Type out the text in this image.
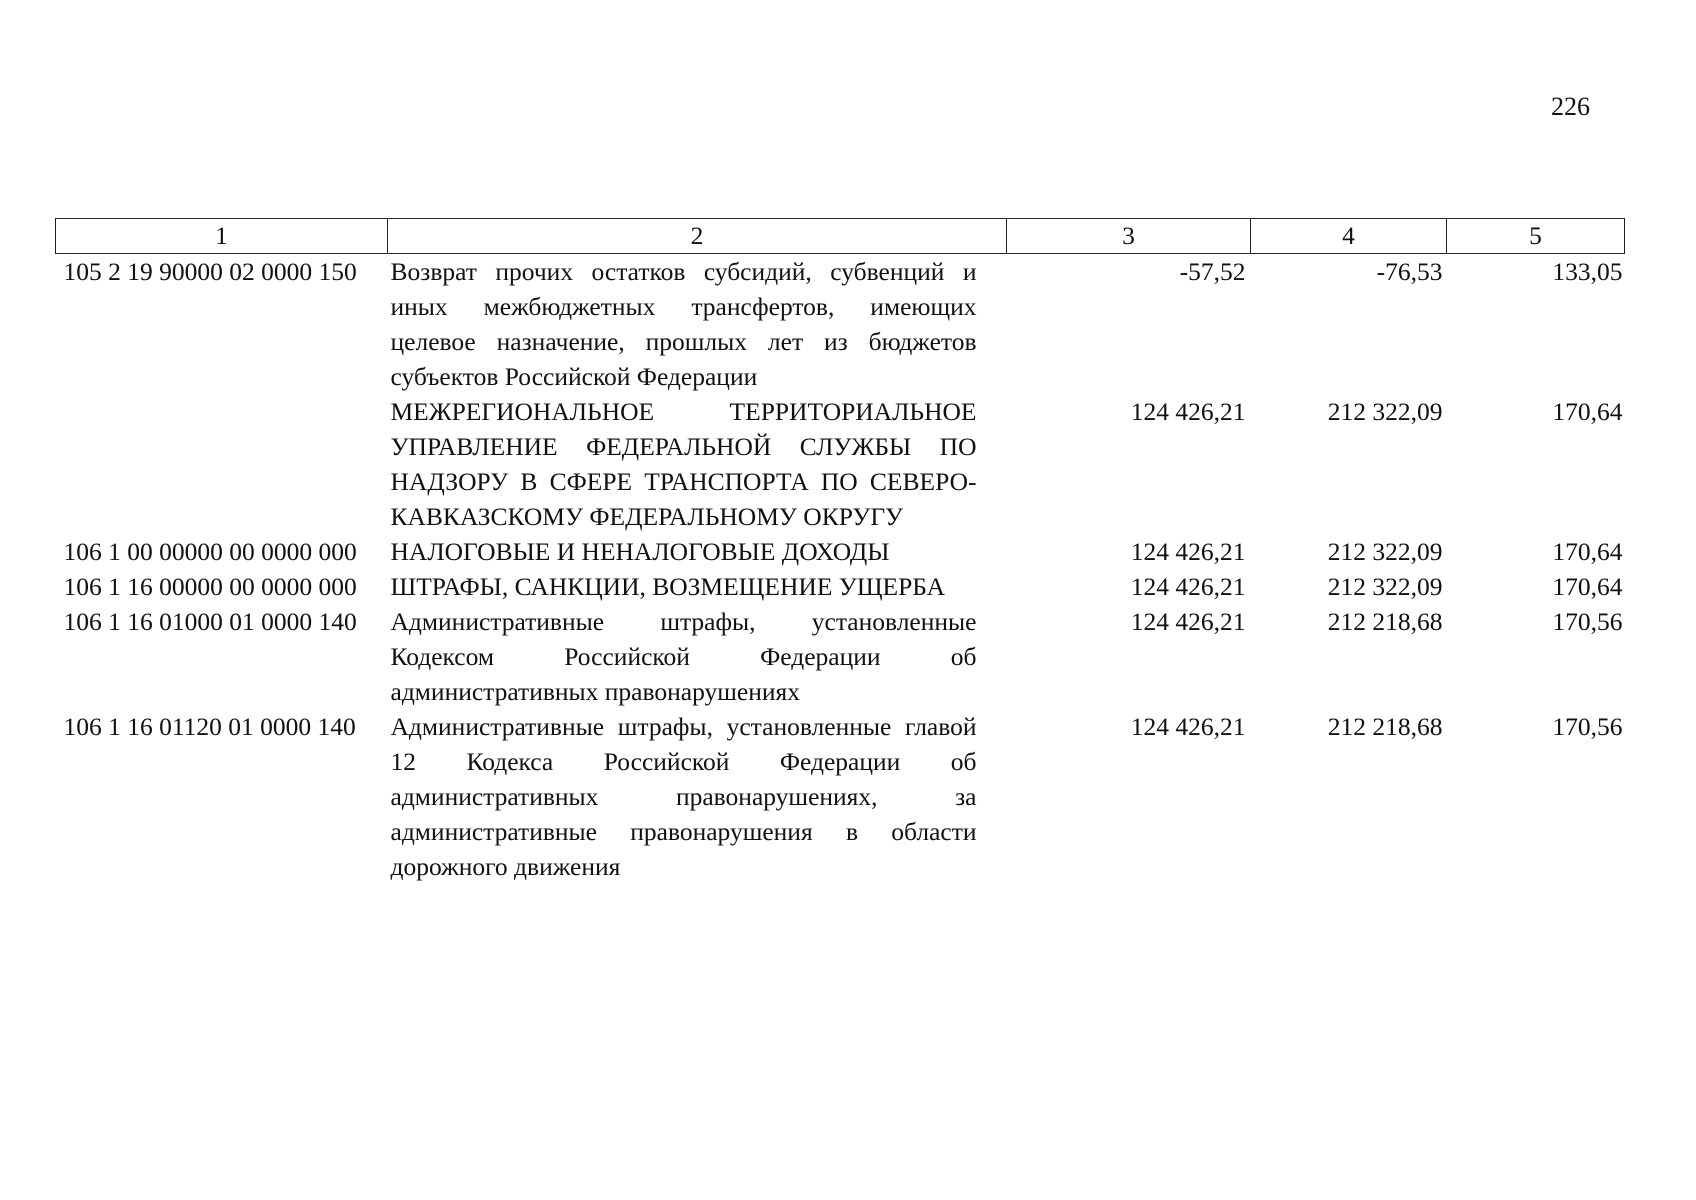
226
1	2	3	4	5
105 2 19 90000 02 0000 150	Возврат прочих остатков субсидий, субвенций и иных межбюджетных трансфертов, имеющих целевое назначение, прошлых лет из бюджетов субъектов Российской Федерации	-57,52	-76,53	133,05
	МЕЖРЕГИОНАЛЬНОЕ ТЕРРИТОРИАЛЬНОЕ УПРАВЛЕНИЕ ФЕДЕРАЛЬНОЙ СЛУЖБЫ ПО НАДЗОРУ В СФЕРЕ ТРАНСПОРТА ПО СЕВЕРО-КАВКАЗСКОМУ ФЕДЕРАЛЬНОМУ ОКРУГУ	124 426,21	212 322,09	170,64
106 1 00 00000 00 0000 000	НАЛОГОВЫЕ И НЕНАЛОГОВЫЕ ДОХОДЫ	124 426,21	212 322,09	170,64
106 1 16 00000 00 0000 000	ШТРАФЫ, САНКЦИИ, ВОЗМЕЩЕНИЕ УЩЕРБА	124 426,21	212 322,09	170,64
106 1 16 01000 01 0000 140	Административные штрафы, установленные Кодексом Российской Федерации об административных правонарушениях	124 426,21	212 218,68	170,56
106 1 16 01120 01 0000 140	Административные штрафы, установленные главой 12 Кодекса Российской Федерации об административных правонарушениях, за административные правонарушения в области дорожного движения	124 426,21	212 218,68	170,56
